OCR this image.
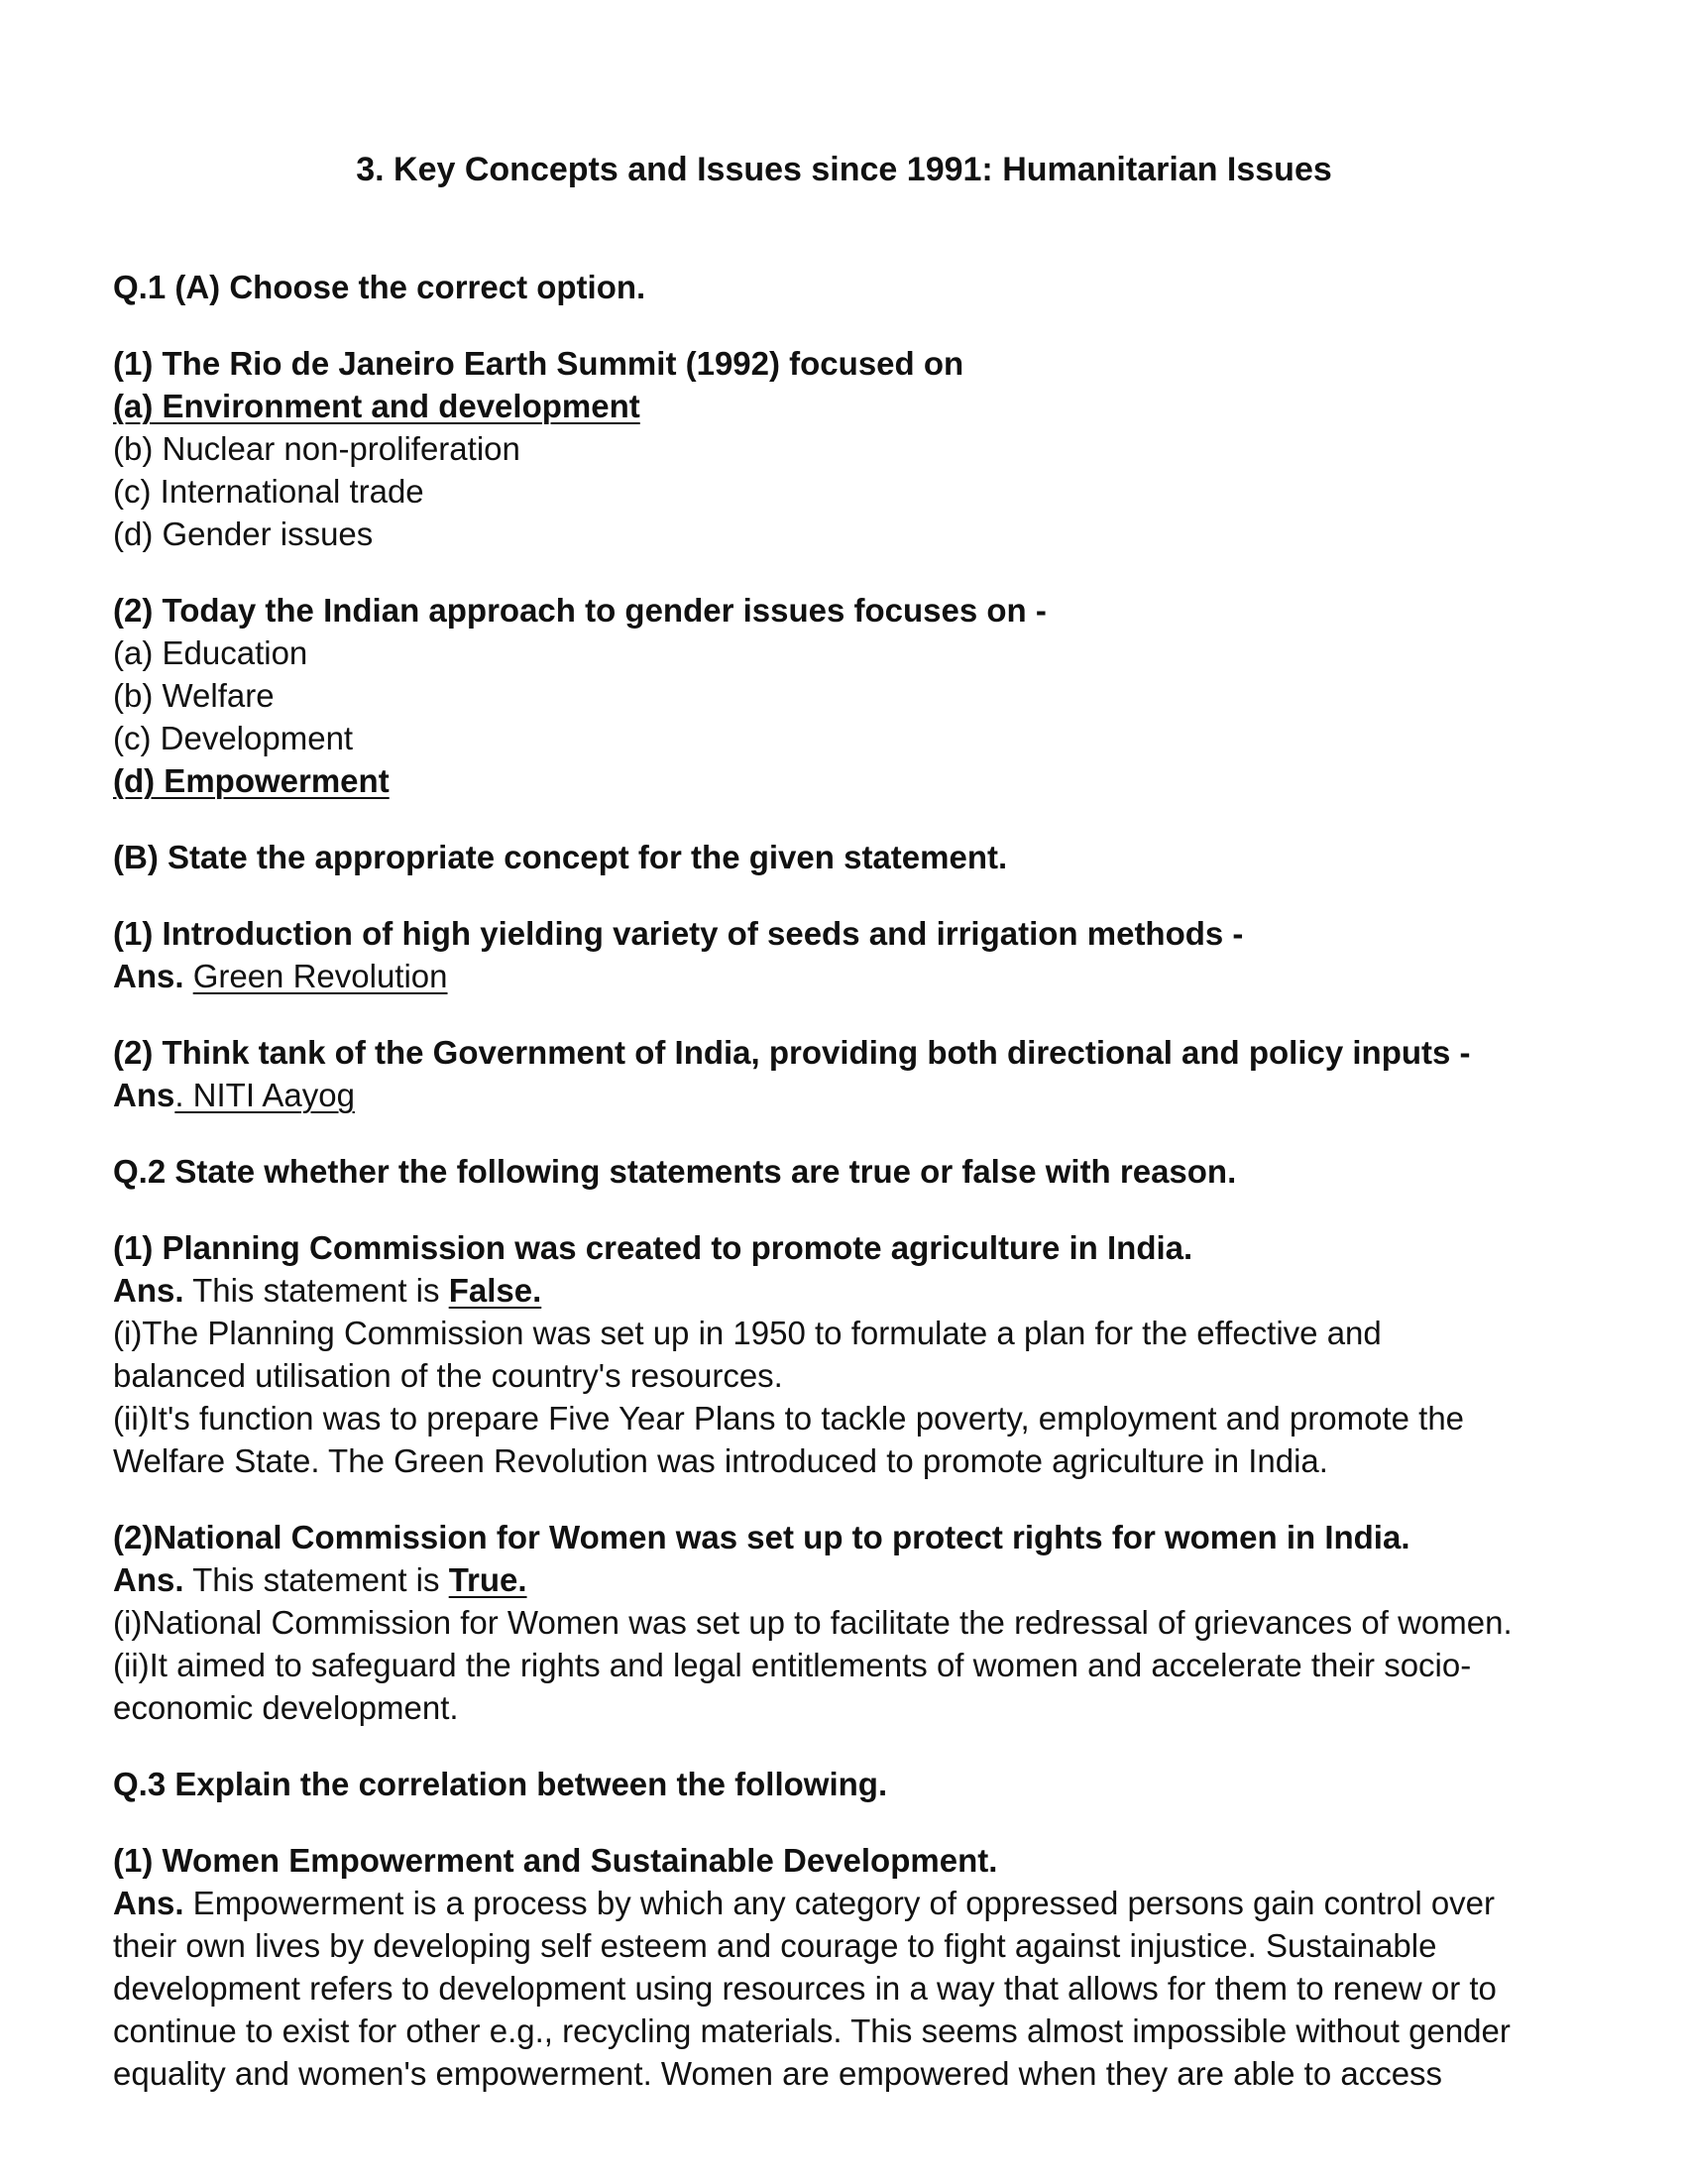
3. Key Concepts and Issues since 1991: Humanitarian Issues

Q.1 (A) Choose the correct option.

(1) The Rio de Janeiro Earth Summit (1992) focused on

(a) Environment and development

(b) Nuclear non-proliferation

(c) International trade

(d) Gender issues

(2) Today the Indian approach to gender issues focuses on -

(a) Education

(b) Welfare

(c) Development

(d) Empowerment

(B) State the appropriate concept for the given statement.

(1) Introduction of high yielding variety of seeds and irrigation methods -

Ans. Green Revolution

(2) Think tank of the Government of India, providing both directional and policy inputs -

Ans. NITI Aayog

Q.2 State whether the following statements are true or false with reason.

(1) Planning Commission was created to promote agriculture in India.

Ans. This statement is False.

(i)The Planning Commission was set up in 1950 to formulate a plan for the effective and

balanced utilisation of the country's resources.

(ii)It's function was to prepare Five Year Plans to tackle poverty, employment and promote the

Welfare State. The Green Revolution was introduced to promote agriculture in India.

(2)National Commission for Women was set up to protect rights for women in India.

Ans. This statement is True.

(i)National Commission for Women was set up to facilitate the redressal of grievances of women.

(ii)It aimed to safeguard the rights and legal entitlements of women and accelerate their socio-

economic development.

Q.3 Explain the correlation between the following.

(1) Women Empowerment and Sustainable Development.

Ans. Empowerment is a process by which any category of oppressed persons gain control over

their own lives by developing self esteem and courage to fight against injustice. Sustainable

development refers to development using resources in a way that allows for them to renew or to

continue to exist for other e.g., recycling materials. This seems almost impossible without gender

equality and women's empowerment. Women are empowered when they are able to access
